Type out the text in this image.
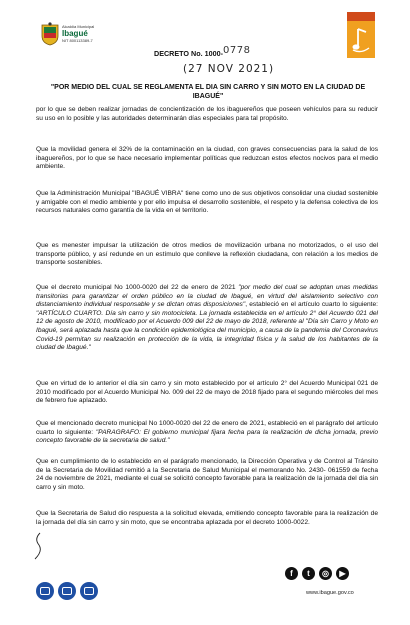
Alcaldía Municipal
Ibagué
NIT 800113389-7
DECRETO No. 1000- 0778
(27 NOV 2021)
"POR MEDIO DEL CUAL SE REGLAMENTA EL DIA SIN CARRO Y SIN MOTO EN LA CIUDAD DE IBAGUÉ"
por lo que se deben realizar jornadas de concientización de los ibaguereños que poseen vehículos para su reducir su uso en lo posible y las autoridades determinarán días especiales para tal propósito.
Que la movilidad genera el 32% de la contaminación en la ciudad, con graves consecuencias para la salud de los ibaguereños, por lo que se hace necesario implementar políticas que reduzcan estos efectos nocivos para el medio ambiente.
Que la Administración Municipal "IBAGUÉ VIBRA" tiene como uno de sus objetivos consolidar una ciudad sostenible y amigable con el medio ambiente y por ello impulsa el desarrollo sostenible, el respeto y la defensa colectiva de los recursos naturales como garantía de la vida en el territorio.
Que es menester impulsar la utilización de otros medios de movilización urbana no motorizados, o el uso del transporte público, y así redunde en un estímulo que conlleve la reflexión ciudadana, con relación a los medios de transporte sostenibles.
Que el decreto municipal No 1000-0020 del 22 de enero de 2021 "por medio del cual se adoptan unas medidas transitorias para garantizar el orden público en la ciudad de Ibagué, en virtud del aislamiento selectivo con distanciamiento individual responsable y se dictan otras disposiciones", estableció en el artículo cuarto lo siguiente: "ARTÍCULO CUARTO. Día sin carro y sin motocicleta. La jornada establecida en el artículo 2° del Acuerdo 021 del 12 de agosto de 2010, modificado por el Acuerdo 009 del 22 de mayo de 2018, referente al "Día sin Carro y Moto en Ibagué, será aplazada hasta que la condición epidemiológica del municipio, a causa de la pandemia del Coronavirus Covid-19 permitan su realización en protección de la vida, la integridad física y la salud de los habitantes de la ciudad de Ibagué."
Que en virtud de lo anterior el día sin carro y sin moto establecido por el artículo 2° del Acuerdo Municipal 021 de 2010 modificado por el Acuerdo Municipal No. 009 del 22 de mayo de 2018 fijado para el segundo miércoles del mes de febrero fue aplazado.
Que el mencionado decreto municipal No 1000-0020 del 22 de enero de 2021, estableció en el parágrafo del artículo cuarto lo siguiente: "PARAGRAFO: El gobierno municipal fijara fecha para la realización de dicha jornada, previo concepto favorable de la secretaria de salud."
Que en cumplimiento de lo establecido en el parágrafo mencionado, la Dirección Operativa y de Control al Tránsito de la Secretaria de Movilidad remitió a la Secretaria de Salud Municipal el memorando No. 2430- 061559 de fecha 24 de noviembre de 2021, mediante el cual se solicitó concepto favorable para la realización de la jornada del día sin carro y sin moto.
Que la Secretaria de Salud dio respuesta a la solicitud elevada, emitiendo concepto favorable para la realización de la jornada del día sin carro y sin moto, que se encontraba aplazada por el decreto 1000-0022.
f	t	◎	▶
www.ibague.gov.co
